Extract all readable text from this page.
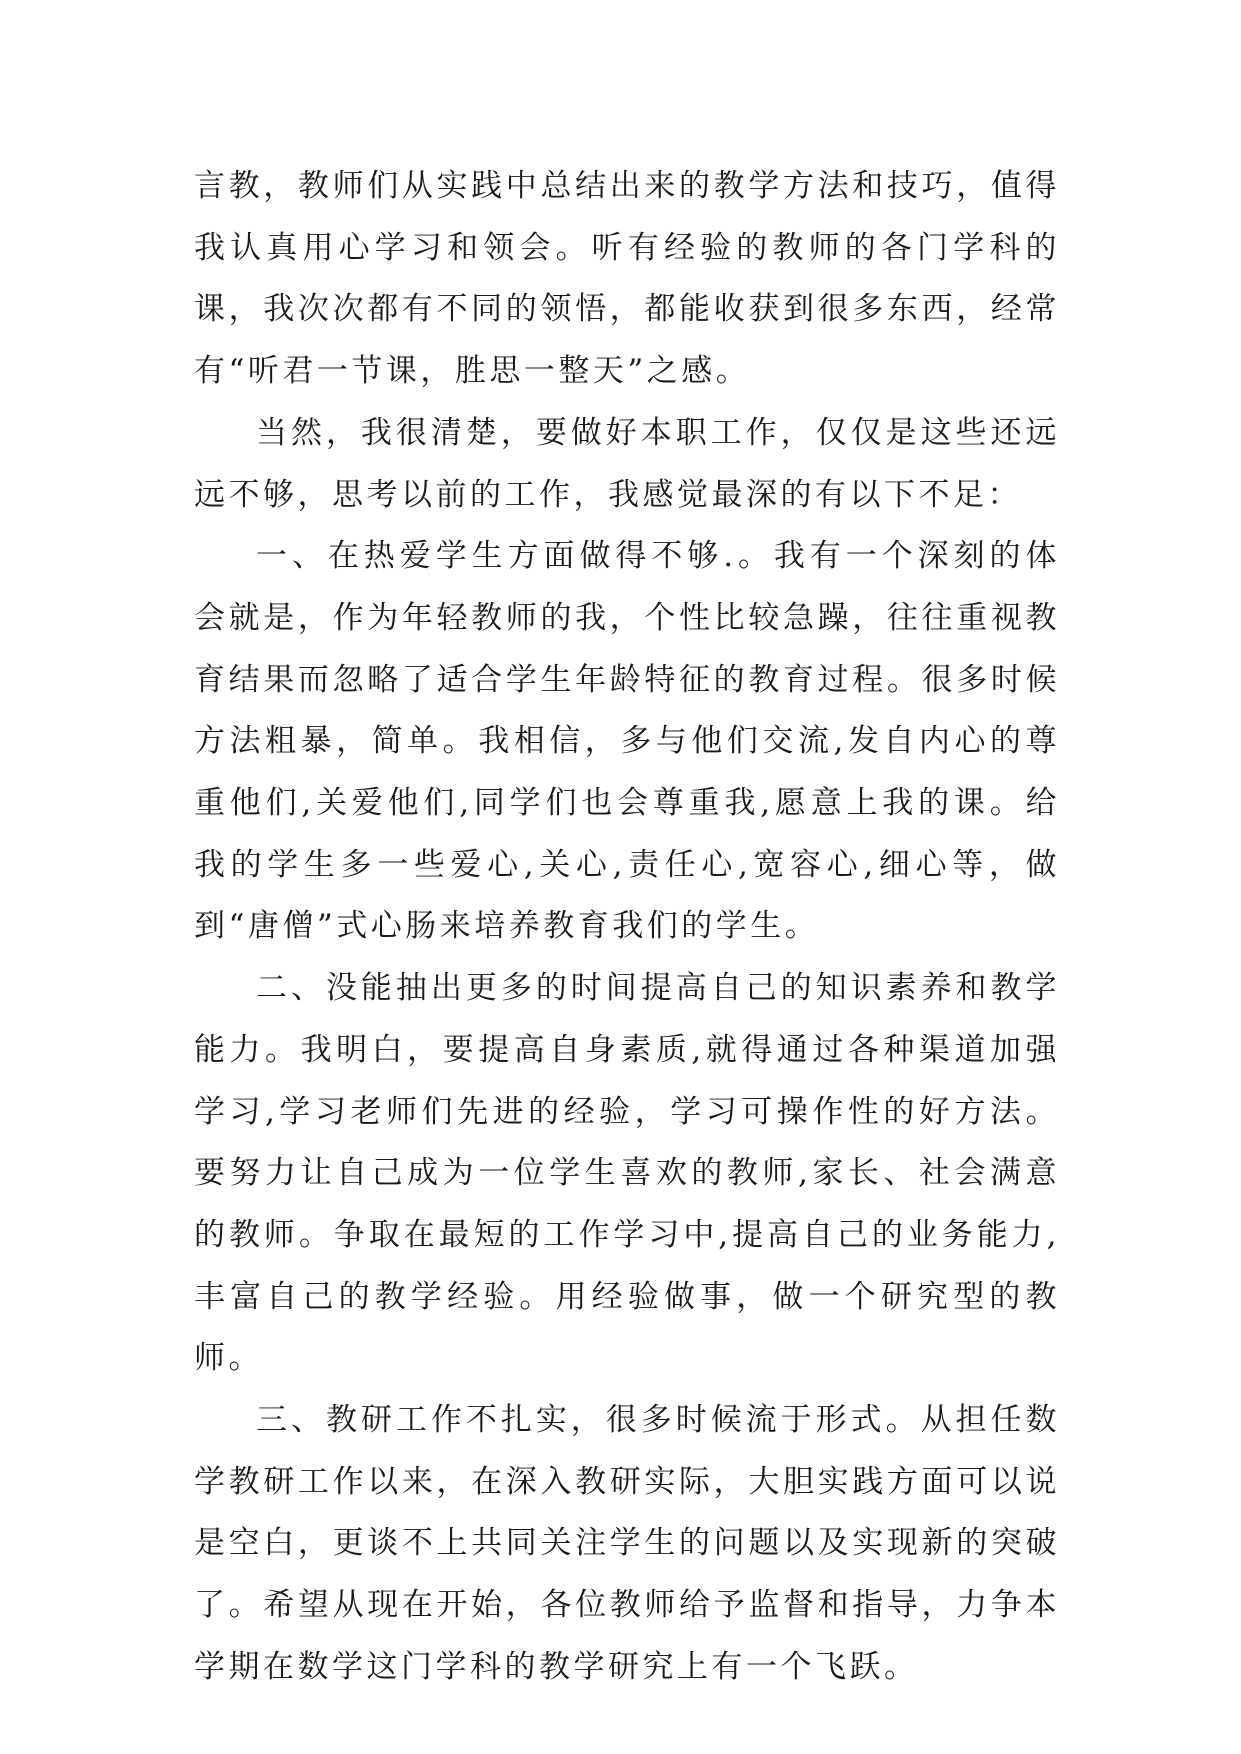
言教，教师们从实践中总结出来的教学方法和技巧，值得我认真用心学习和领会。听有经验的教师的各门学科的课，我次次都有不同的领悟，都能收获到很多东西，经常有“听君一节课，胜思一整天”之感。

当然，我很清楚，要做好本职工作，仅仅是这些还远远不够，思考以前的工作，我感觉最深的有以下不足：

一、在热爱学生方面做得不够.。我有一个深刻的体会就是，作为年轻教师的我，个性比较急躁，往往重视教育结果而忽略了适合学生年龄特征的教育过程。很多时候方法粗暴，简单。我相信，多与他们交流,发自内心的尊重他们,关爱他们,同学们也会尊重我,愿意上我的课。给我的学生多一些爱心,关心,责任心,宽容心,细心等，做到“唐僧”式心肠来培养教育我们的学生。

二、没能抽出更多的时间提高自己的知识素养和教学能力。我明白，要提高自身素质,就得通过各种渠道加强学习,学习老师们先进的经验，学习可操作性的好方法。要努力让自己成为一位学生喜欢的教师,家长、社会满意的教师。争取在最短的工作学习中,提高自己的业务能力,丰富自己的教学经验。用经验做事，做一个研究型的教师。

三、教研工作不扎实，很多时候流于形式。从担任数学教研工作以来，在深入教研实际，大胆实践方面可以说是空白，更谈不上共同关注学生的问题以及实现新的突破了。希望从现在开始，各位教师给予监督和指导，力争本学期在数学这门学科的教学研究上有一个飞跃。
